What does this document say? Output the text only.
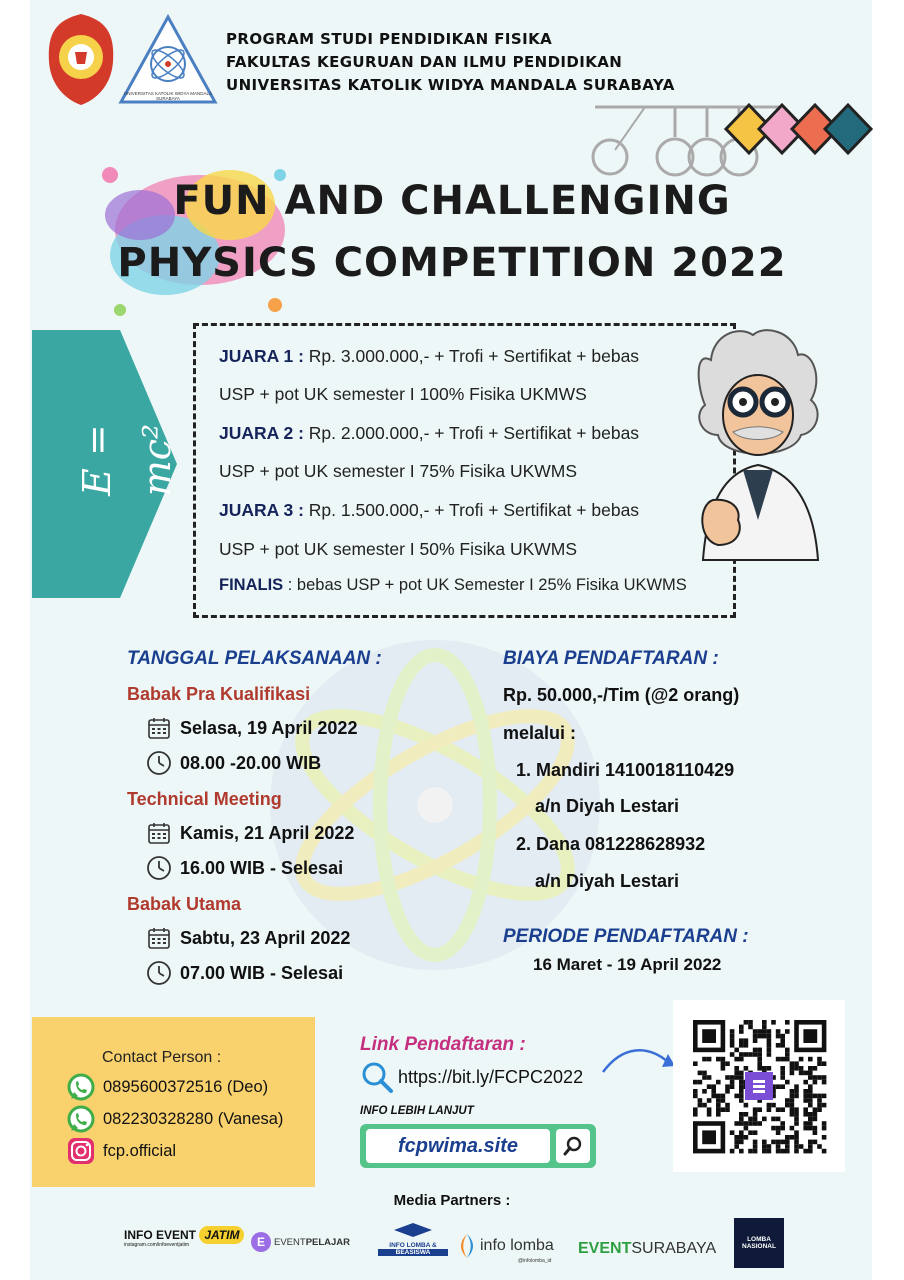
UNIVERSITAS KATOLIK WIDYA MANDALA SURABAYA
PROGRAM STUDI PENDIDIKAN FISIKA
FAKULTAS KEGURUAN DAN ILMU PENDIDIKAN
UNIVERSITAS KATOLIK WIDYA MANDALA SURABAYA
FUN AND CHALLENGING
PHYSICS COMPETITION 2022
E = mc²
JUARA 1 : Rp. 3.000.000,- + Trofi + Sertifikat + bebas
USP + pot UK semester I 100% Fisika UKMWS
JUARA 2 : Rp. 2.000.000,- + Trofi + Sertifikat + bebas
USP + pot UK semester I 75% Fisika UKWMS
JUARA 3 : Rp. 1.500.000,- + Trofi + Sertifikat + bebas
USP + pot UK semester I 50% Fisika UKWMS
FINALIS : bebas USP + pot UK Semester I 25% Fisika UKWMS
TANGGAL PELAKSANAAN :
Babak Pra Kualifikasi
Selasa, 19 April 2022
08.00 -20.00 WIB
Technical Meeting
Kamis, 21 April 2022
16.00 WIB - Selesai
Babak Utama
Sabtu, 23 April 2022
07.00 WIB - Selesai
BIAYA PENDAFTARAN :
Rp. 50.000,-/Tim (@2 orang)
melalui :
1. Mandiri 1410018110429
a/n Diyah Lestari
2. Dana 081228628932
a/n Diyah Lestari
PERIODE PENDAFTARAN :
16 Maret - 19 April 2022
Contact Person :
0895600372516 (Deo)
082230328280 (Vanesa)
fcp.official
Link Pendaftaran :
https://bit.ly/FCPC2022
INFO LEBIH LANJUT
fcpwima.site
Media Partners :
INFO EVENT JATIM
instagram.com/infoeventjatim	E EVENT PELAJAR	INFO LOMBA &
BEASISWA	info lomba
@infolomba_id
EVENT SURABAYA
LOMBA
NASIONAL
